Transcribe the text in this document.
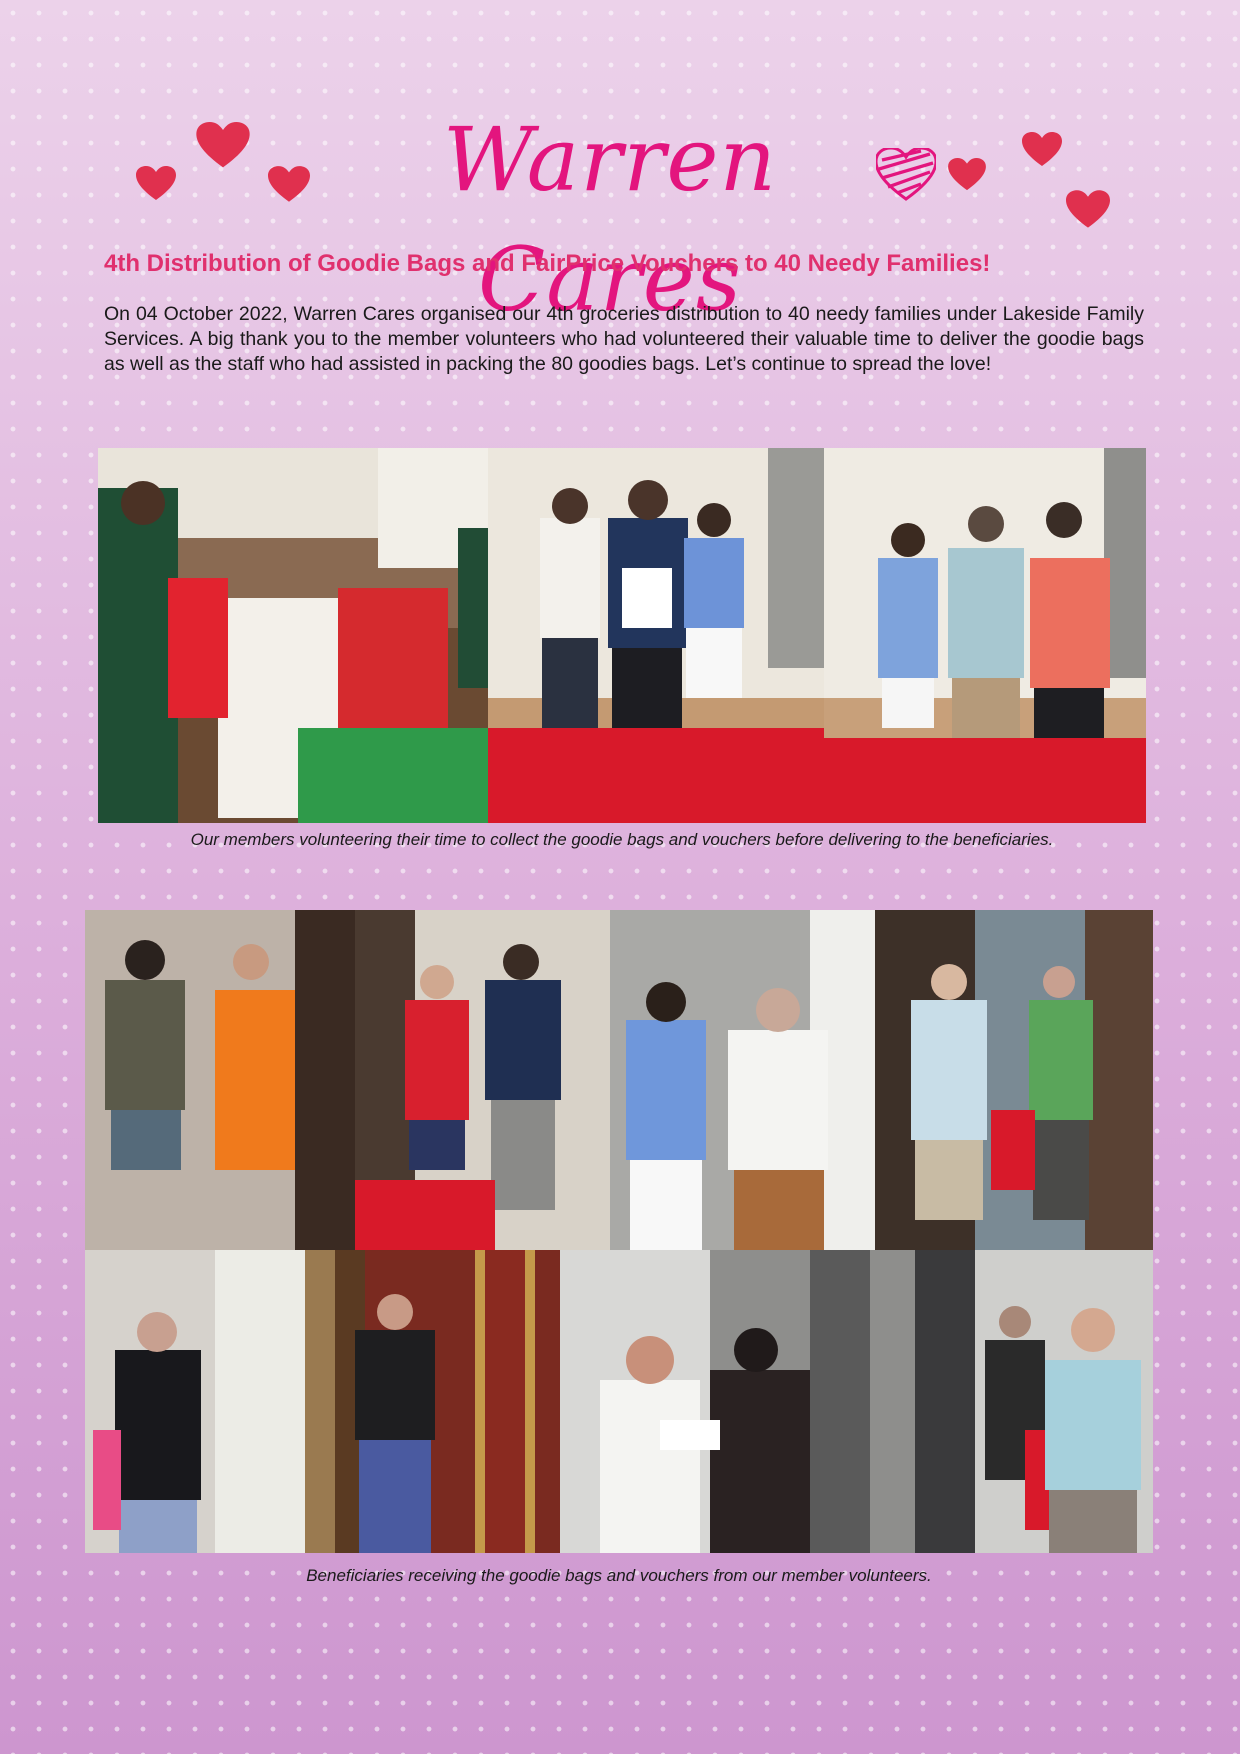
Warren Cares
4th Distribution of Goodie Bags and FairPrice Vouchers to 40 Needy Families!

On 04 October 2022, Warren Cares organised our 4th groceries distribution to 40 needy families under Lakeside Family Services. A big thank you to the member volunteers who had volunteered their valuable time to deliver the goodie bags as well as the staff who had assisted in packing the 80 goodies bags. Let’s continue to spread the love!

Our members volunteering their time to collect the goodie bags and vouchers before delivering to the beneficiaries.

Beneficiaries receiving the goodie bags and vouchers from our member volunteers.
